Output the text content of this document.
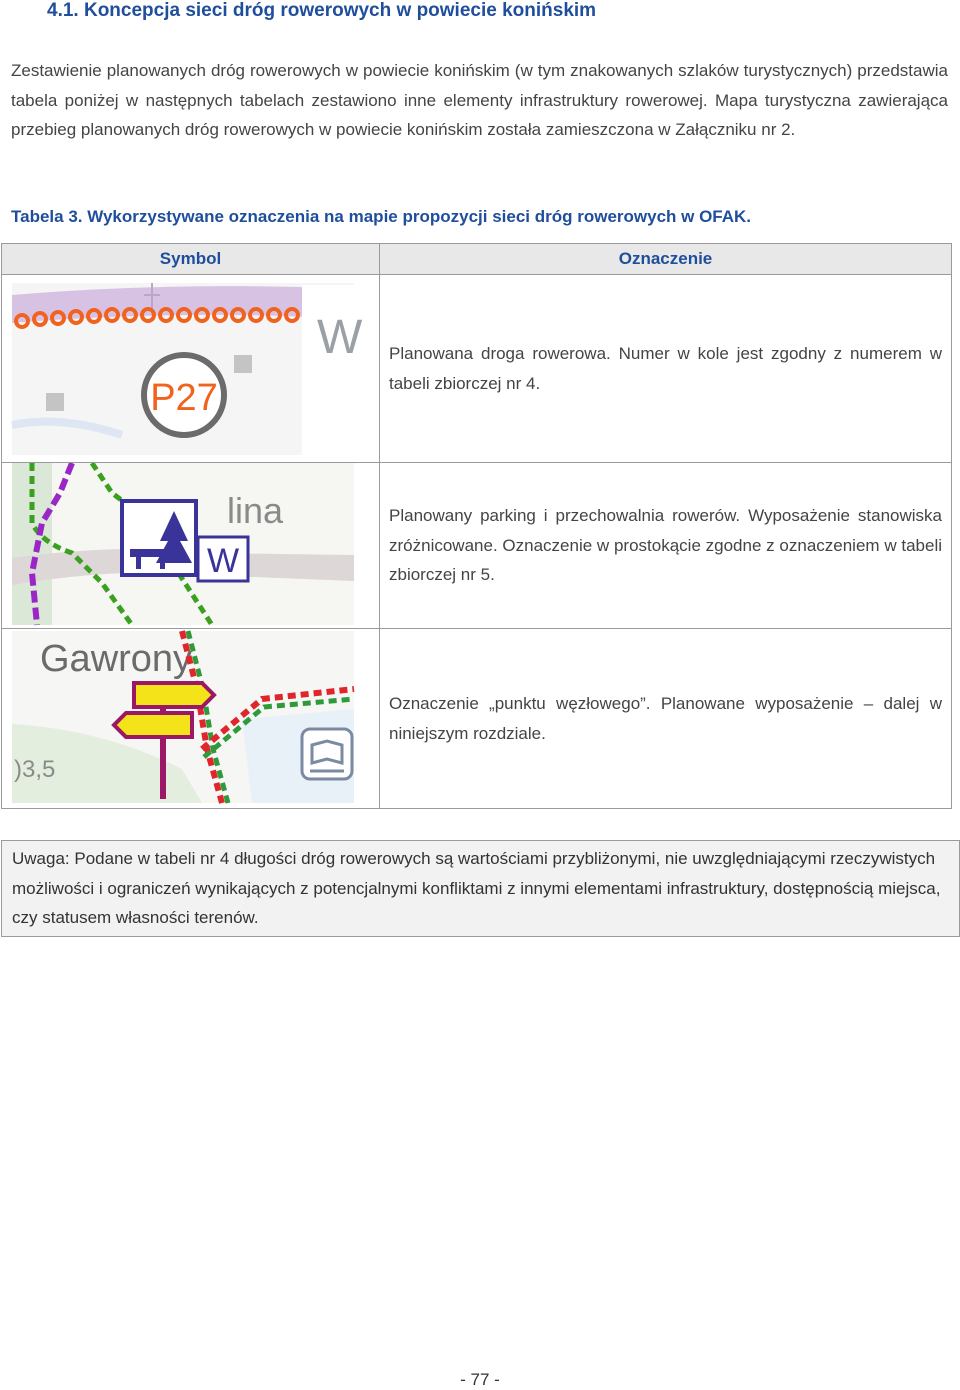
4.1. Koncepcja sieci dróg rowerowych w powiecie konińskim

Zestawienie planowanych dróg rowerowych w powiecie konińskim (w tym znakowanych szlaków turystycznych) przedstawia tabela poniżej w następnych tabelach zestawiono inne elementy infrastruktury rowerowej. Mapa turystyczna zawierająca przebieg planowanych dróg rowerowych w powiecie konińskim została zamieszczona w Załączniku nr 2.

Tabela 3. Wykorzystywane oznaczenia na mapie propozycji sieci dróg rowerowych w OFAK.

Symbol	Oznaczenie

W
P27	Planowana droga rowerowa. Numer w kole jest zgodny z numerem w tabeli zbiorczej nr 4.

lina
W	Planowany parking i przechowalnia rowerów. Wyposażenie stanowiska zróżnicowane. Oznaczenie w prostokącie zgodne z oznaczeniem w tabeli zbiorczej nr 5.

Gawrony
)3,5	Oznaczenie „punktu węzłowego”. Planowane wyposażenie – dalej w niniejszym rozdziale.
Uwaga: Podane w tabeli nr 4 długości dróg rowerowych są wartościami przybliżonymi, nie uwzględniającymi rzeczywistych możliwości i ograniczeń wynikających z potencjalnymi konfliktami z innymi elementami infrastruktury, dostępnością miejsca, czy statusem własności terenów.
- 77 -
